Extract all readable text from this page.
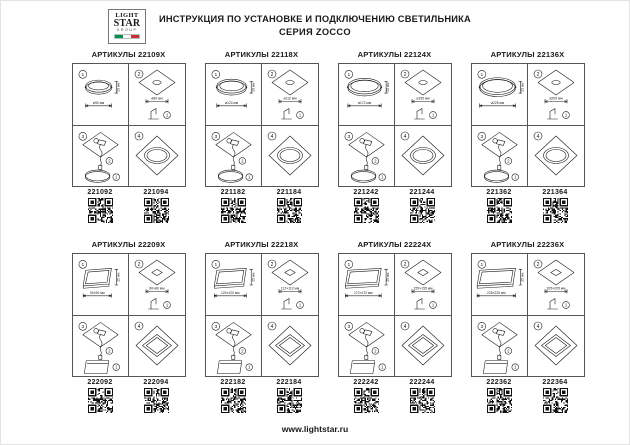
LIGHT
STAR
GROUP
ИНСТРУКЦИЯ ПО УСТАНОВКЕ И ПОДКЛЮЧЕНИЮ СВЕТИЛЬНИКА
СЕРИЯ ZOCCO
АРТИКУЛЫ 22109X
1
ø90 мм
25 мм
2
ø80 мм
1
3
2
1
4
221092	221094
АРТИКУЛЫ 22118X
1
ø120 мм
25 мм
2
ø112 мм
1
3
2
1
4
221182	221184
АРТИКУЛЫ 22124X
1
ø172 мм
25 мм
2
ø155 мм
1
3
2
1
4
221242	221244
АРТИКУЛЫ 22136X
1
ø225 мм
25 мм
2
ø205 мм
1
3
2
1
4
221362	221364
АРТИКУЛЫ 22209X
1
90×90 мм
25 мм
2
80×80 мм
1
3
2
1
4
222092	222094
АРТИКУЛЫ 22218X
1
120×120 мм
25 мм
2
112×112 мм
1
3
2
1
4
222182	222184
АРТИКУЛЫ 22224X
1
172×172 мм
25 мм
2
155×155 мм
1
3
2
1
4
222242	222244
АРТИКУЛЫ 22236X
1
225×225 мм
25 мм
2
205×205 мм
1
3
2
1
4
222362	222364
www.lightstar.ru
